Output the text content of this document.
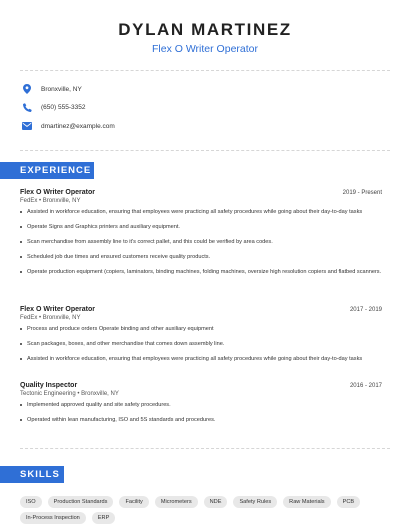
DYLAN MARTINEZ
Flex O Writer Operator
Bronxville, NY
(650) 555-3352
dmartinez@example.com
EXPERIENCE
Flex O Writer Operator	2019 - Present
FedEx • Bronxville, NY
Assisted in workforce education, ensuring that employees were practicing all safety procedures while going about their day-to-day tasks
Operate Signs and Graphics printers and auxiliary equipment.
Scan merchandise from assembly line to it's correct pallet, and this could be verified by area codes.
Scheduled job due times and ensured customers receive quality products.
Operate production equipment (copiers, laminators, binding machines, folding machines, oversize high resolution copiers and flatbed scanners.
Flex O Writer Operator	2017 - 2019
FedEx • Bronxville, NY
Process and produce orders Operate binding and other auxiliary equipment
Scan packages, boxes, and other merchandise that comes down assembly line.
Assisted in workforce education, ensuring that employees were practicing all safety procedures while going about their day-to-day tasks
Quality Inspector	2016 - 2017
Tectonic Engineering • Bronxville, NY
Implemented approved quality and site safety procedures.
Operated within lean manufacturing, ISO and 5S standards and procedures.
SKILLS
ISO	Production Standards	Facility	Micrometers	NDE	Safety Rules	Raw Materials	PCB
In-Process Inspection	ERP
